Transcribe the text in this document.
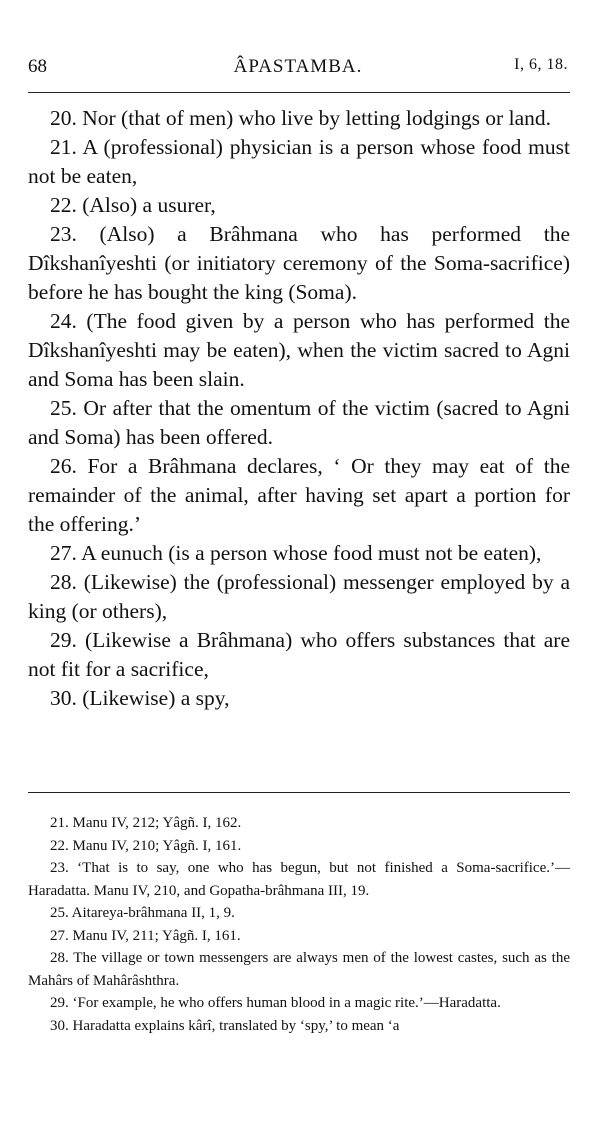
68	ÂPASTAMBA.	I, 6, 18.

20. Nor (that of men) who live by letting lodgings or land.

21. A (professional) physician is a person whose food must not be eaten,

22. (Also) a usurer,

23. (Also) a Brâhmana who has performed the Dîkshanîyeshti (or initiatory ceremony of the Soma-sacrifice) before he has bought the king (Soma).

24. (The food given by a person who has performed the Dîkshanîyeshti may be eaten), when the victim sacred to Agni and Soma has been slain.

25. Or after that the omentum of the victim (sacred to Agni and Soma) has been offered.

26. For a Brâhmana declares, ‘ Or they may eat of the remainder of the animal, after having set apart a portion for the offering.’

27. A eunuch (is a person whose food must not be eaten),

28. (Likewise) the (professional) messenger employed by a king (or others),

29. (Likewise a Brâhmana) who offers substances that are not fit for a sacrifice,

30. (Likewise) a spy,

21. Manu IV, 212; Yâgñ. I, 162.

22. Manu IV, 210; Yâgñ. I, 161.

23. ‘That is to say, one who has begun, but not finished a Soma-sacrifice.’—Haradatta. Manu IV, 210, and Gopatha-brâhmana III, 19.

25. Aitareya-brâhmana II, 1, 9.

27. Manu IV, 211; Yâgñ. I, 161.

28. The village or town messengers are always men of the lowest castes, such as the Mahârs of Mahârâshthra.

29. ‘For example, he who offers human blood in a magic rite.’—Haradatta.

30. Haradatta explains kârî, translated by ‘spy,’ to mean ‘a
